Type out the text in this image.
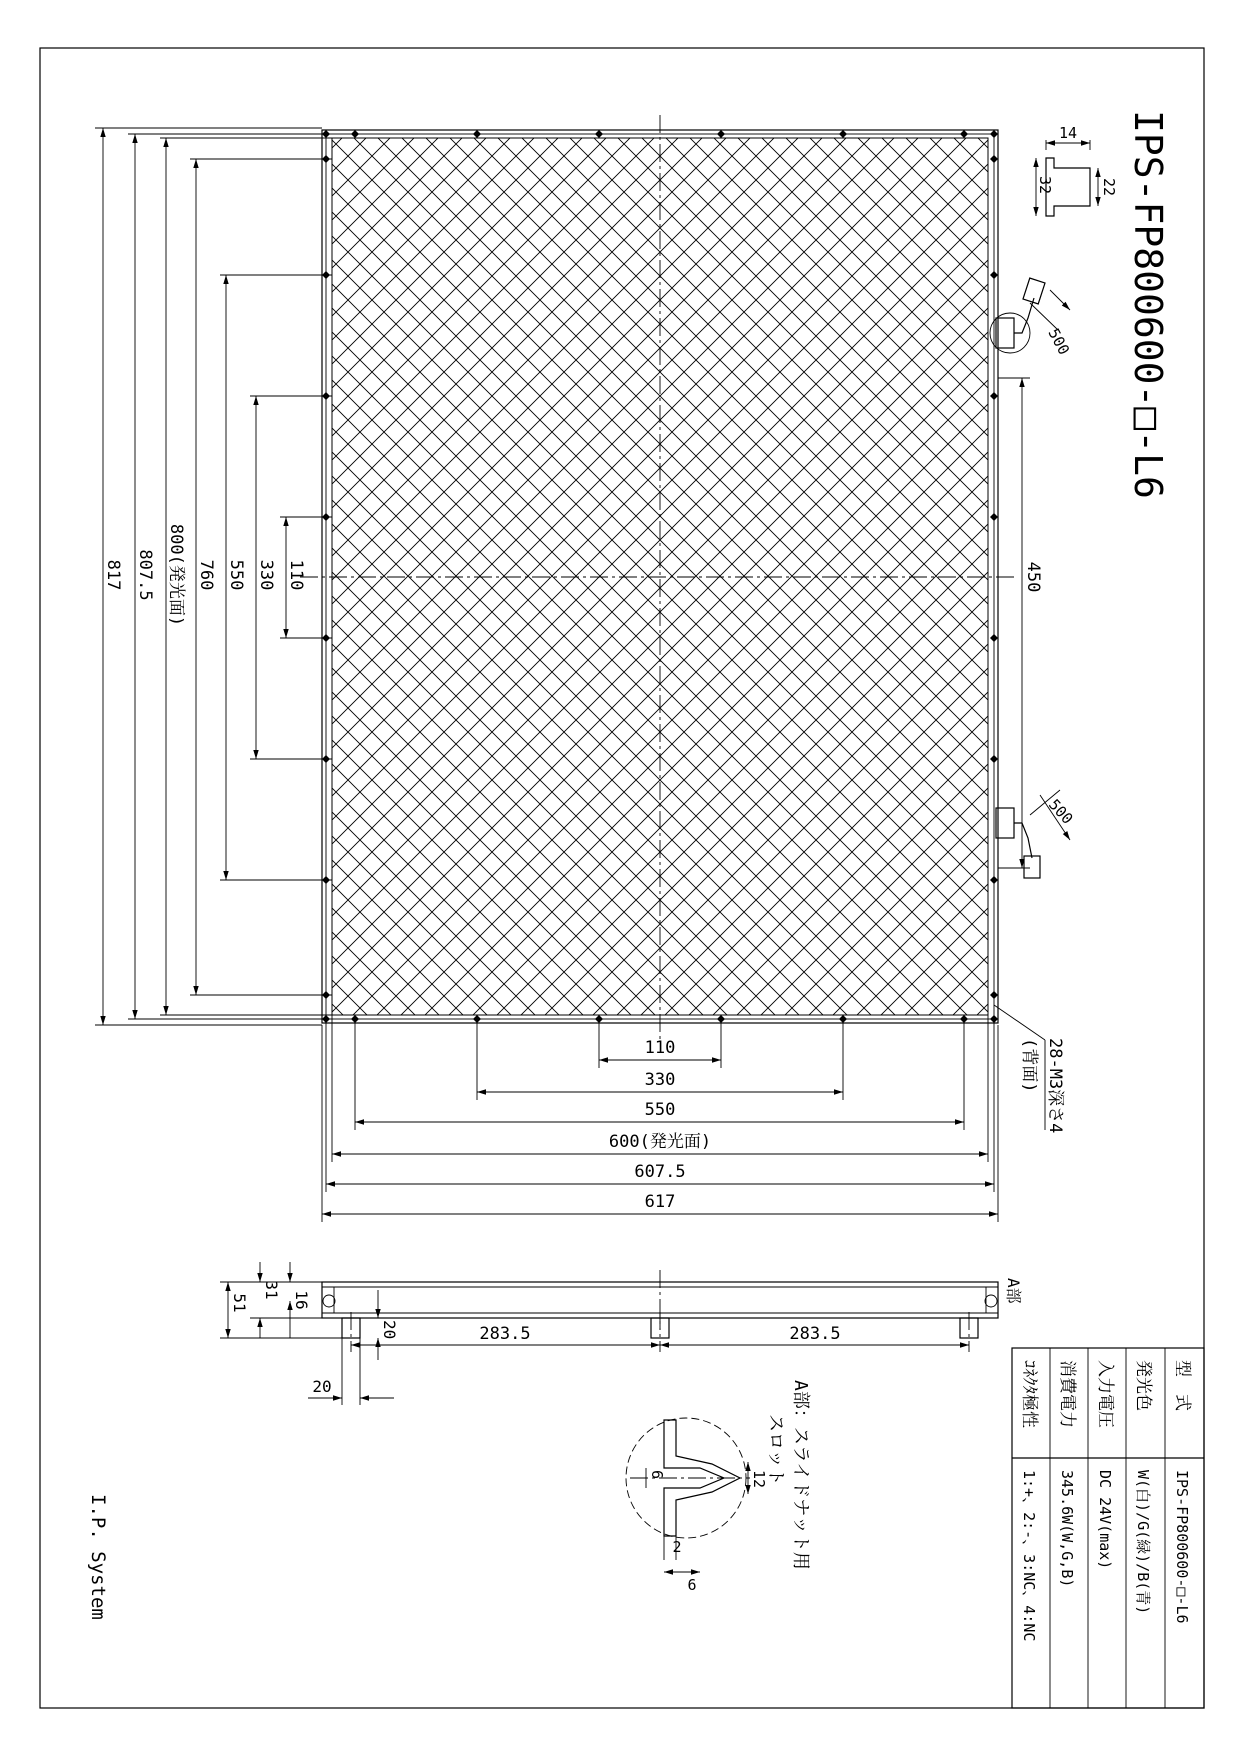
817 807.5 800(発光面) 760 550 330 110	450
110
330
550
600(発光面)
607.5
617
28-M3深さ4
(背面)
500
500
14
32	22 IPS-FP800600-□-L6
283.5	283.5
20
20
51
31
16	A部
6	12
2
6
A部：スライドナット用
スロット
I.P. System
型　式
IPS-FP800600-□-L6
発光色
W(白)/G(緑)/B(青)
入力電圧
DC 24V(max)
消費電力
345.6W(W,G,B)
ｺﾈｸﾀ極性
1:+、2:-、3:NC、4:NC
